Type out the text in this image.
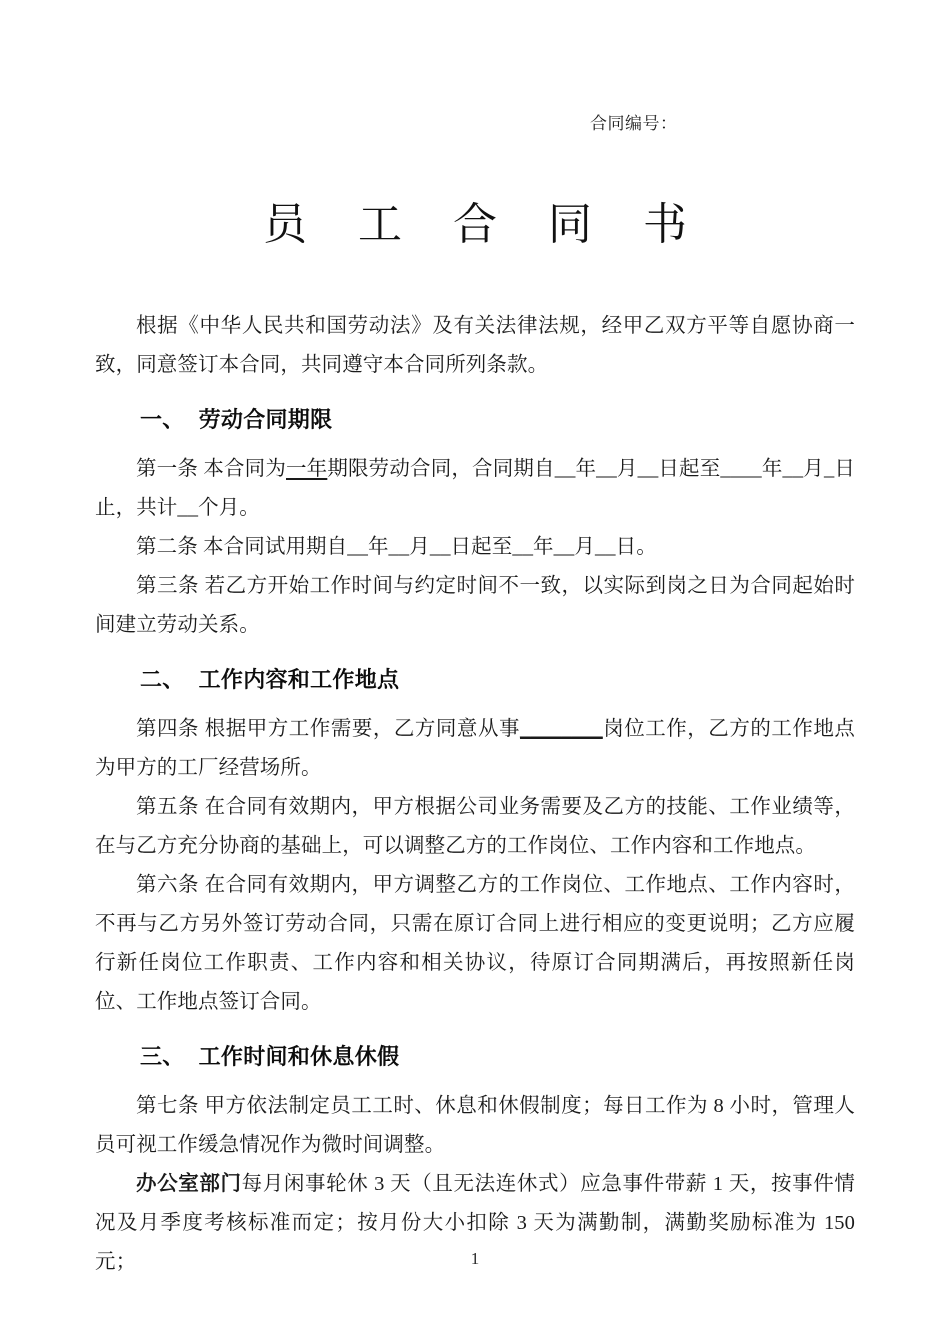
合同编号：
员 工 合 同 书

根据《中华人民共和国劳动法》及有关法律法规，经甲乙双方平等自愿协商一致，同意签订本合同，共同遵守本合同所列条款。

一、 劳动合同期限

第一条 本合同为一年期限劳动合同，合同期自__年__月__日起至____年__月_日止，共计__个月。

第二条 本合同试用期自__年__月__日起至__年__月__日。

第三条 若乙方开始工作时间与约定时间不一致，以实际到岗之日为合同起始时间建立劳动关系。

二、 工作内容和工作地点

第四条 根据甲方工作需要，乙方同意从事________岗位工作，乙方的工作地点为甲方的工厂经营场所。

第五条 在合同有效期内，甲方根据公司业务需要及乙方的技能、工作业绩等，在与乙方充分协商的基础上，可以调整乙方的工作岗位、工作内容和工作地点。

第六条 在合同有效期内，甲方调整乙方的工作岗位、工作地点、工作内容时，不再与乙方另外签订劳动合同，只需在原订合同上进行相应的变更说明；乙方应履行新任岗位工作职责、工作内容和相关协议，待原订合同期满后，再按照新任岗位、工作地点签订合同。

三、 工作时间和休息休假

第七条 甲方依法制定员工工时、休息和休假制度；每日工作为 8 小时，管理人员可视工作缓急情况作为微时间调整。

办公室部门每月闲事轮休 3 天（且无法连休式）应急事件带薪 1 天，按事件情况及月季度考核标准而定；按月份大小扣除 3 天为满勤制，满勤奖励标准为 150 元；	1
